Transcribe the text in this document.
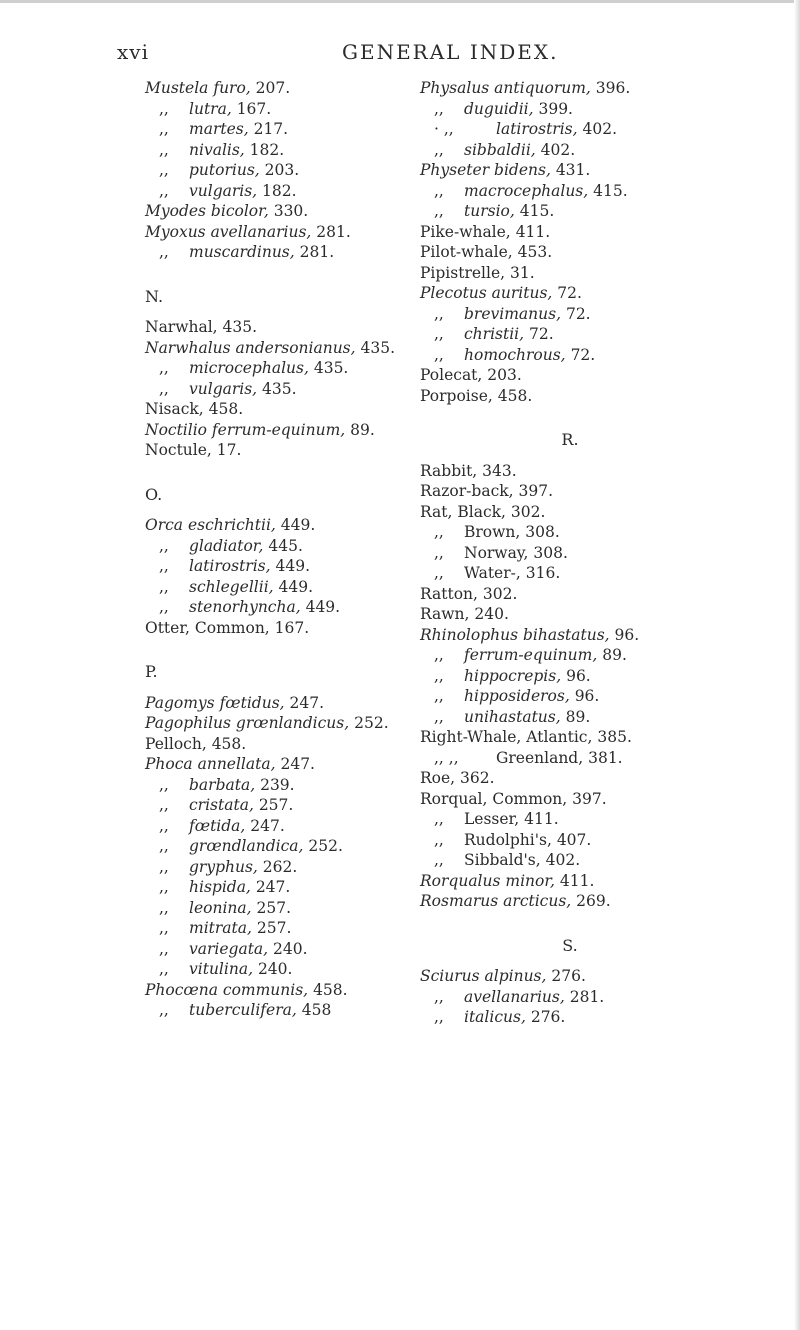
xvi	GENERAL INDEX.
Mustela furo, 207.
,, lutra, 167.
,, martes, 217.
,, nivalis, 182.
,, putorius, 203.
,, vulgaris, 182.
Myodes bicolor, 330.
Myoxus avellanarius, 281.
,, muscardinus, 281.
N.
Narwhal, 435.
Narwhalus andersonianus, 435.
,, microcephalus, 435.
,, vulgaris, 435.
Nisack, 458.
Noctilio ferrum-equinum, 89.
Noctule, 17.
O.
Orca eschrichtii, 449.
,, gladiator, 445.
,, latirostris, 449.
,, schlegellii, 449.
,, stenorhyncha, 449.
Otter, Common, 167.
P.
Pagomys fœtidus, 247.
Pagophilus grœnlandicus, 252.
Pelloch, 458.
Phoca annellata, 247.
,, barbata, 239.
,, cristata, 257.
,, fœtida, 247.
,, grœndlandica, 252.
,, gryphus, 262.
,, hispida, 247.
,, leonina, 257.
,, mitrata, 257.
,, variegata, 240.
,, vitulina, 240.
Phocœna communis, 458.
,, tuberculifera, 458
Physalus antiquorum, 396.
,, duguidii, 399.
· ,,	latirostris, 402.
,, sibbaldii, 402.
Physeter bidens, 431.
,, macrocephalus, 415.
,, tursio, 415.
Pike-whale, 411.
Pilot-whale, 453.
Pipistrelle, 31.
Plecotus auritus, 72.
,, brevimanus, 72.
,, christii, 72.
,, homochrous, 72.
Polecat, 203.
Porpoise, 458.
R.
Rabbit, 343.
Razor-back, 397.
Rat, Black, 302.
,, Brown, 308.
,, Norway, 308.
,, Water-, 316.
Ratton, 302.
Rawn, 240.
Rhinolophus bihastatus, 96.
,, ferrum-equinum, 89.
,, hippocrepis, 96.
,, hipposideros, 96.
,, unihastatus, 89.
Right-Whale, Atlantic, 385.
,, ,, Greenland, 381.
Roe, 362.
Rorqual, Common, 397.
,, Lesser, 411.
,, Rudolphi's, 407.
,, Sibbald's, 402.
Rorqualus minor, 411.
Rosmarus arcticus, 269.
S.
Sciurus alpinus, 276.
,, avellanarius, 281.
,, italicus, 276.
